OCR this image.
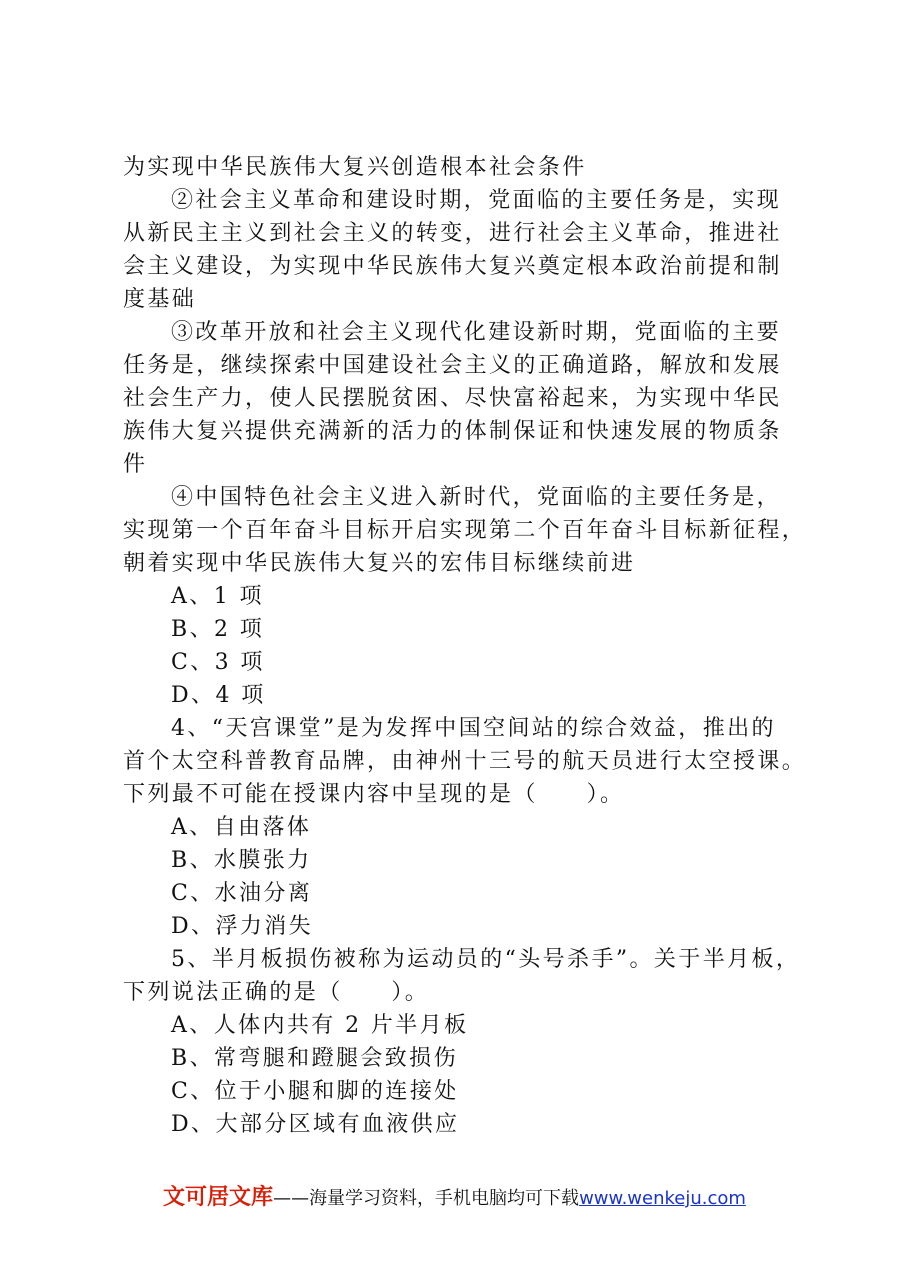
为实现中华民族伟大复兴创造根本社会条件
②社会主义革命和建设时期，党面临的主要任务是，实现
从新民主主义到社会主义的转变，进行社会主义革命，推进社
会主义建设，为实现中华民族伟大复兴奠定根本政治前提和制
度基础
③改革开放和社会主义现代化建设新时期，党面临的主要
任务是，继续探索中国建设社会主义的正确道路，解放和发展
社会生产力，使人民摆脱贫困、尽快富裕起来，为实现中华民
族伟大复兴提供充满新的活力的体制保证和快速发展的物质条
件
④中国特色社会主义进入新时代，党面临的主要任务是，
实现第一个百年奋斗目标开启实现第二个百年奋斗目标新征程，
朝着实现中华民族伟大复兴的宏伟目标继续前进
A、1 项
B、2 项
C、3 项
D、4 项
4、“天宫课堂”是为发挥中国空间站的综合效益，推出的
首个太空科普教育品牌，由神州十三号的航天员进行太空授课。
下列最不可能在授课内容中呈现的是（　　）。
A、自由落体
B、水膜张力
C、水油分离
D、浮力消失
5、半月板损伤被称为运动员的“头号杀手”。关于半月板，
下列说法正确的是（　　）。
A、人体内共有 2 片半月板
B、常弯腿和蹬腿会致损伤
C、位于小腿和脚的连接处
D、大部分区域有血液供应
文可居文库——海量学习资料，手机电脑均可下载www.wenkeju.com
